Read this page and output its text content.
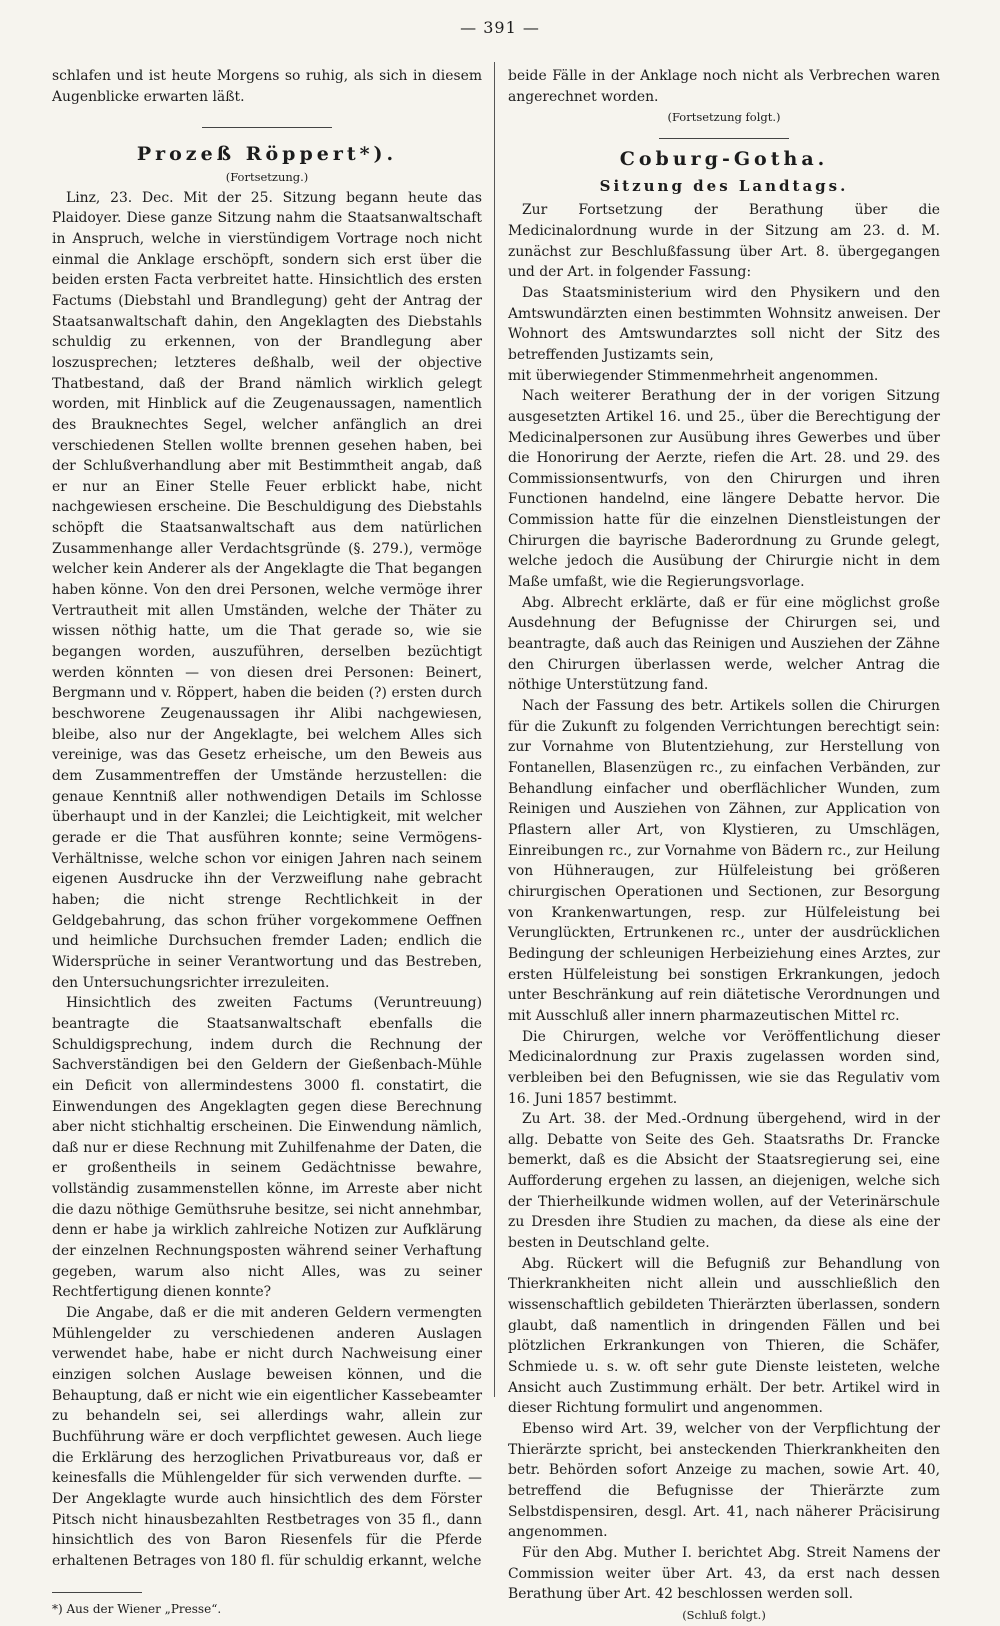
— 391 —

schlafen und ist heute Morgens so ruhig, als sich in diesem Augenblicke erwarten läßt.

Prozeß Röppert*).

(Fortsetzung.)

Linz, 23. Dec. Mit der 25. Sitzung begann heute das Plaidoyer. Diese ganze Sitzung nahm die Staatsanwaltschaft in Anspruch, welche in vierstündigem Vortrage noch nicht einmal die Anklage erschöpft, sondern sich erst über die beiden ersten Facta verbreitet hatte. Hinsichtlich des ersten Factums (Diebstahl und Brandlegung) geht der Antrag der Staatsanwaltschaft dahin, den Angeklagten des Diebstahls schuldig zu erkennen, von der Brandlegung aber loszusprechen; letzteres deßhalb, weil der objective Thatbestand, daß der Brand nämlich wirklich gelegt worden, mit Hinblick auf die Zeugenaussagen, namentlich des Brauknechtes Segel, welcher anfänglich an drei verschiedenen Stellen wollte brennen gesehen haben, bei der Schlußverhandlung aber mit Bestimmtheit angab, daß er nur an Einer Stelle Feuer erblickt habe, nicht nachgewiesen erscheine. Die Beschuldigung des Diebstahls schöpft die Staatsanwaltschaft aus dem natürlichen Zusammenhange aller Verdachtsgründe (§. 279.), vermöge welcher kein Anderer als der Angeklagte die That begangen haben könne. Von den drei Personen, welche vermöge ihrer Vertrautheit mit allen Umständen, welche der Thäter zu wissen nöthig hatte, um die That gerade so, wie sie begangen worden, auszuführen, derselben bezüchtigt werden könnten — von diesen drei Personen: Beinert, Bergmann und v. Röppert, haben die beiden (?) ersten durch beschworene Zeugenaussagen ihr Alibi nachgewiesen, bleibe, also nur der Angeklagte, bei welchem Alles sich vereinige, was das Gesetz erheische, um den Beweis aus dem Zusammentreffen der Umstände herzustellen: die genaue Kenntniß aller nothwendigen Details im Schlosse überhaupt und in der Kanzlei; die Leichtigkeit, mit welcher gerade er die That ausführen konnte; seine Vermögens-Verhältnisse, welche schon vor einigen Jahren nach seinem eigenen Ausdrucke ihn der Verzweiflung nahe gebracht haben; die nicht strenge Rechtlichkeit in der Geldgebahrung, das schon früher vorgekommene Oeffnen und heimliche Durchsuchen fremder Laden; endlich die Widersprüche in seiner Verantwortung und das Bestreben, den Untersuchungsrichter irrezuleiten.

Hinsichtlich des zweiten Factums (Veruntreuung) beantragte die Staatsanwaltschaft ebenfalls die Schuldigsprechung, indem durch die Rechnung der Sachverständigen bei den Geldern der Gießenbach-Mühle ein Deficit von allermindestens 3000 fl. constatirt, die Einwendungen des Angeklagten gegen diese Berechnung aber nicht stichhaltig erscheinen. Die Einwendung nämlich, daß nur er diese Rechnung mit Zuhilfenahme der Daten, die er großentheils in seinem Gedächtnisse bewahre, vollständig zusammenstellen könne, im Arreste aber nicht die dazu nöthige Gemüthsruhe besitze, sei nicht annehmbar, denn er habe ja wirklich zahlreiche Notizen zur Aufklärung der einzelnen Rechnungsposten während seiner Verhaftung gegeben, warum also nicht Alles, was zu seiner Rechtfertigung dienen konnte?

Die Angabe, daß er die mit anderen Geldern vermengten Mühlengelder zu verschiedenen anderen Auslagen verwendet habe, habe er nicht durch Nachweisung einer einzigen solchen Auslage beweisen können, und die Behauptung, daß er nicht wie ein eigentlicher Kassebeamter zu behandeln sei, sei allerdings wahr, allein zur Buchführung wäre er doch verpflichtet gewesen. Auch liege die Erklärung des herzoglichen Privatbureaus vor, daß er keinesfalls die Mühlengelder für sich verwenden durfte. — Der Angeklagte wurde auch hinsichtlich des dem Förster Pitsch nicht hinausbezahlten Restbetrages von 35 fl., dann hinsichtlich des von Baron Riesenfels für die Pferde erhaltenen Betrages von 180 fl. für schuldig erkannt, welche

*) Aus der Wiener „Presse“.

beide Fälle in der Anklage noch nicht als Verbrechen waren angerechnet worden.

(Fortsetzung folgt.)

Coburg-Gotha.
Sitzung des Landtags.

Zur Fortsetzung der Berathung über die Medicinalordnung wurde in der Sitzung am 23. d. M. zunächst zur Beschlußfassung über Art. 8. übergegangen und der Art. in folgender Fassung:

Das Staatsministerium wird den Physikern und den Amtswundärzten einen bestimmten Wohnsitz anweisen. Der Wohnort des Amtswundarztes soll nicht der Sitz des betreffenden Justizamts sein,

mit überwiegender Stimmenmehrheit angenommen.

Nach weiterer Berathung der in der vorigen Sitzung ausgesetzten Artikel 16. und 25., über die Berechtigung der Medicinalpersonen zur Ausübung ihres Gewerbes und über die Honorirung der Aerzte, riefen die Art. 28. und 29. des Commissionsentwurfs, von den Chirurgen und ihren Functionen handelnd, eine längere Debatte hervor. Die Commission hatte für die einzelnen Dienstleistungen der Chirurgen die bayrische Baderordnung zu Grunde gelegt, welche jedoch die Ausübung der Chirurgie nicht in dem Maße umfaßt, wie die Regierungsvorlage.

Abg. Albrecht erklärte, daß er für eine möglichst große Ausdehnung der Befugnisse der Chirurgen sei, und beantragte, daß auch das Reinigen und Ausziehen der Zähne den Chirurgen überlassen werde, welcher Antrag die nöthige Unterstützung fand.

Nach der Fassung des betr. Artikels sollen die Chirurgen für die Zukunft zu folgenden Verrichtungen berechtigt sein: zur Vornahme von Blutentziehung, zur Herstellung von Fontanellen, Blasenzügen rc., zu einfachen Verbänden, zur Behandlung einfacher und oberflächlicher Wunden, zum Reinigen und Ausziehen von Zähnen, zur Application von Pflastern aller Art, von Klystieren, zu Umschlägen, Einreibungen rc., zur Vornahme von Bädern rc., zur Heilung von Hühneraugen, zur Hülfeleistung bei größeren chirurgischen Operationen und Sectionen, zur Besorgung von Krankenwartungen, resp. zur Hülfeleistung bei Verunglückten, Ertrunkenen rc., unter der ausdrücklichen Bedingung der schleunigen Herbeiziehung eines Arztes, zur ersten Hülfeleistung bei sonstigen Erkrankungen, jedoch unter Beschränkung auf rein diätetische Verordnungen und mit Ausschluß aller innern pharmazeutischen Mittel rc.

Die Chirurgen, welche vor Veröffentlichung dieser Medicinalordnung zur Praxis zugelassen worden sind, verbleiben bei den Befugnissen, wie sie das Regulativ vom 16. Juni 1857 bestimmt.

Zu Art. 38. der Med.-Ordnung übergehend, wird in der allg. Debatte von Seite des Geh. Staatsraths Dr. Francke bemerkt, daß es die Absicht der Staatsregierung sei, eine Aufforderung ergehen zu lassen, an diejenigen, welche sich der Thierheilkunde widmen wollen, auf der Veterinärschule zu Dresden ihre Studien zu machen, da diese als eine der besten in Deutschland gelte.

Abg. Rückert will die Befugniß zur Behandlung von Thierkrankheiten nicht allein und ausschließlich den wissenschaftlich gebildeten Thierärzten überlassen, sondern glaubt, daß namentlich in dringenden Fällen und bei plötzlichen Erkrankungen von Thieren, die Schäfer, Schmiede u. s. w. oft sehr gute Dienste leisteten, welche Ansicht auch Zustimmung erhält. Der betr. Artikel wird in dieser Richtung formulirt und angenommen.

Ebenso wird Art. 39, welcher von der Verpflichtung der Thierärzte spricht, bei ansteckenden Thierkrankheiten den betr. Behörden sofort Anzeige zu machen, sowie Art. 40, betreffend die Befugnisse der Thierärzte zum Selbstdispensiren, desgl. Art. 41, nach näherer Präcisirung angenommen.

Für den Abg. Muther I. berichtet Abg. Streit Namens der Commission weiter über Art. 43, da erst nach dessen Berathung über Art. 42 beschlossen werden soll.

(Schluß folgt.)
